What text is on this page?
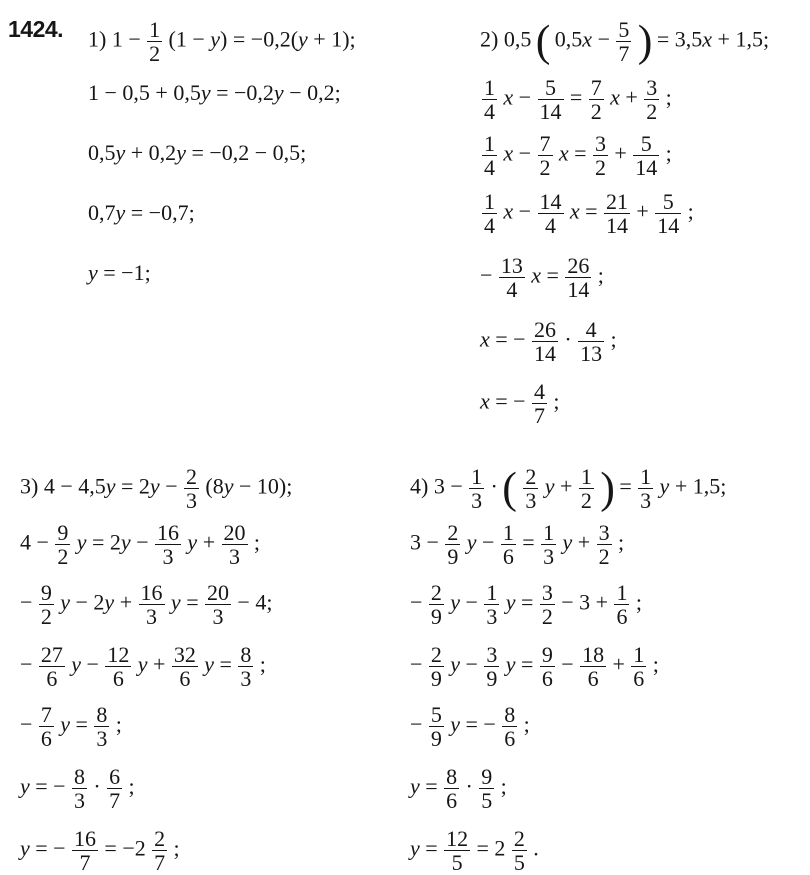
1424. 1) $1 - \frac{1}{2}$
  (1 − y) = −0,2(y + 1); 
1 − 0,5 + 0,5y = −0,2y − 0,2; 
0,5y + 0,2y = −0,2 − 0,5; 
0,7y = −0,7; 
y = −1; 
2) 0,5  (  $0,5x - \frac{5}{7}$
  )  = 3,5x + 1,5; 
$\frac{1}{4}$
  $x - \frac{5}{14}$
  =  $\frac{7}{2}$
  $x + \frac{3}{2}$
  ; 
$\frac{1}{4}$
  $x - \frac{7}{2}$
  $x = \frac{3}{2}$
  +  $\frac{5}{14}$
  ; 
$\frac{1}{4}$
  $x - \frac{14}{4}$
  $x = \frac{21}{14}$
  +  $\frac{5}{14}$
  ; 
−  $\frac{13}{4}$
  $x = \frac{26}{14}$
  ; 
x = −  $\frac{26}{14}$
  ·  $\frac{4}{13}$
  ; 
x = −  $\frac{4}{7}$
  ; 
3) $4 - 4,5y = 2y - \frac{2}{3}$
  (8y − 10); 
$4 - \frac{9}{2}$
  $y = 2y - \frac{16}{3}$
  $y + \frac{20}{3}$
  ; 
−  $\frac{9}{2}$
  $y - 2y + \frac{16}{3}$
  $y = \frac{20}{3}$
  − 4; 
−  $\frac{27}{6}$
  $y - \frac{12}{6}$
  $y + \frac{32}{6}$
  $y = \frac{8}{3}$
  ; 
−  $\frac{7}{6}$
  $y = \frac{8}{3}$
  ; 
y = −  $\frac{8}{3}$
  ·  $\frac{6}{7}$
  ; 
y = −  $\frac{16}{7}$
  = $-2 \frac{2}{7}$
  ; 
4) $3 - \frac{1}{3}$
  ·  (  $\frac{2}{3}$
  $y + \frac{1}{2}$
  )  =  $\frac{1}{3}$
  y + 1,5; 
$3 - \frac{2}{9}$
  $y - \frac{1}{6}$
  =  $\frac{1}{3}$
  $y + \frac{3}{2}$
  ; 
−  $\frac{2}{9}$
  $y - \frac{1}{3}$
  $y = \frac{3}{2}$
  − $3 + \frac{1}{6}$
  ; 
−  $\frac{2}{9}$
  $y - \frac{3}{9}$
  $y = \frac{9}{6}$
  −  $\frac{18}{6}$
  +  $\frac{1}{6}$
  ; 
−  $\frac{5}{9}$
  y = −  $\frac{8}{6}$
  ; 
$y = \frac{8}{6}$
  ·  $\frac{9}{5}$
  ; 
$y = \frac{12}{5}$
  = $2 \frac{2}{5}$
  . 
